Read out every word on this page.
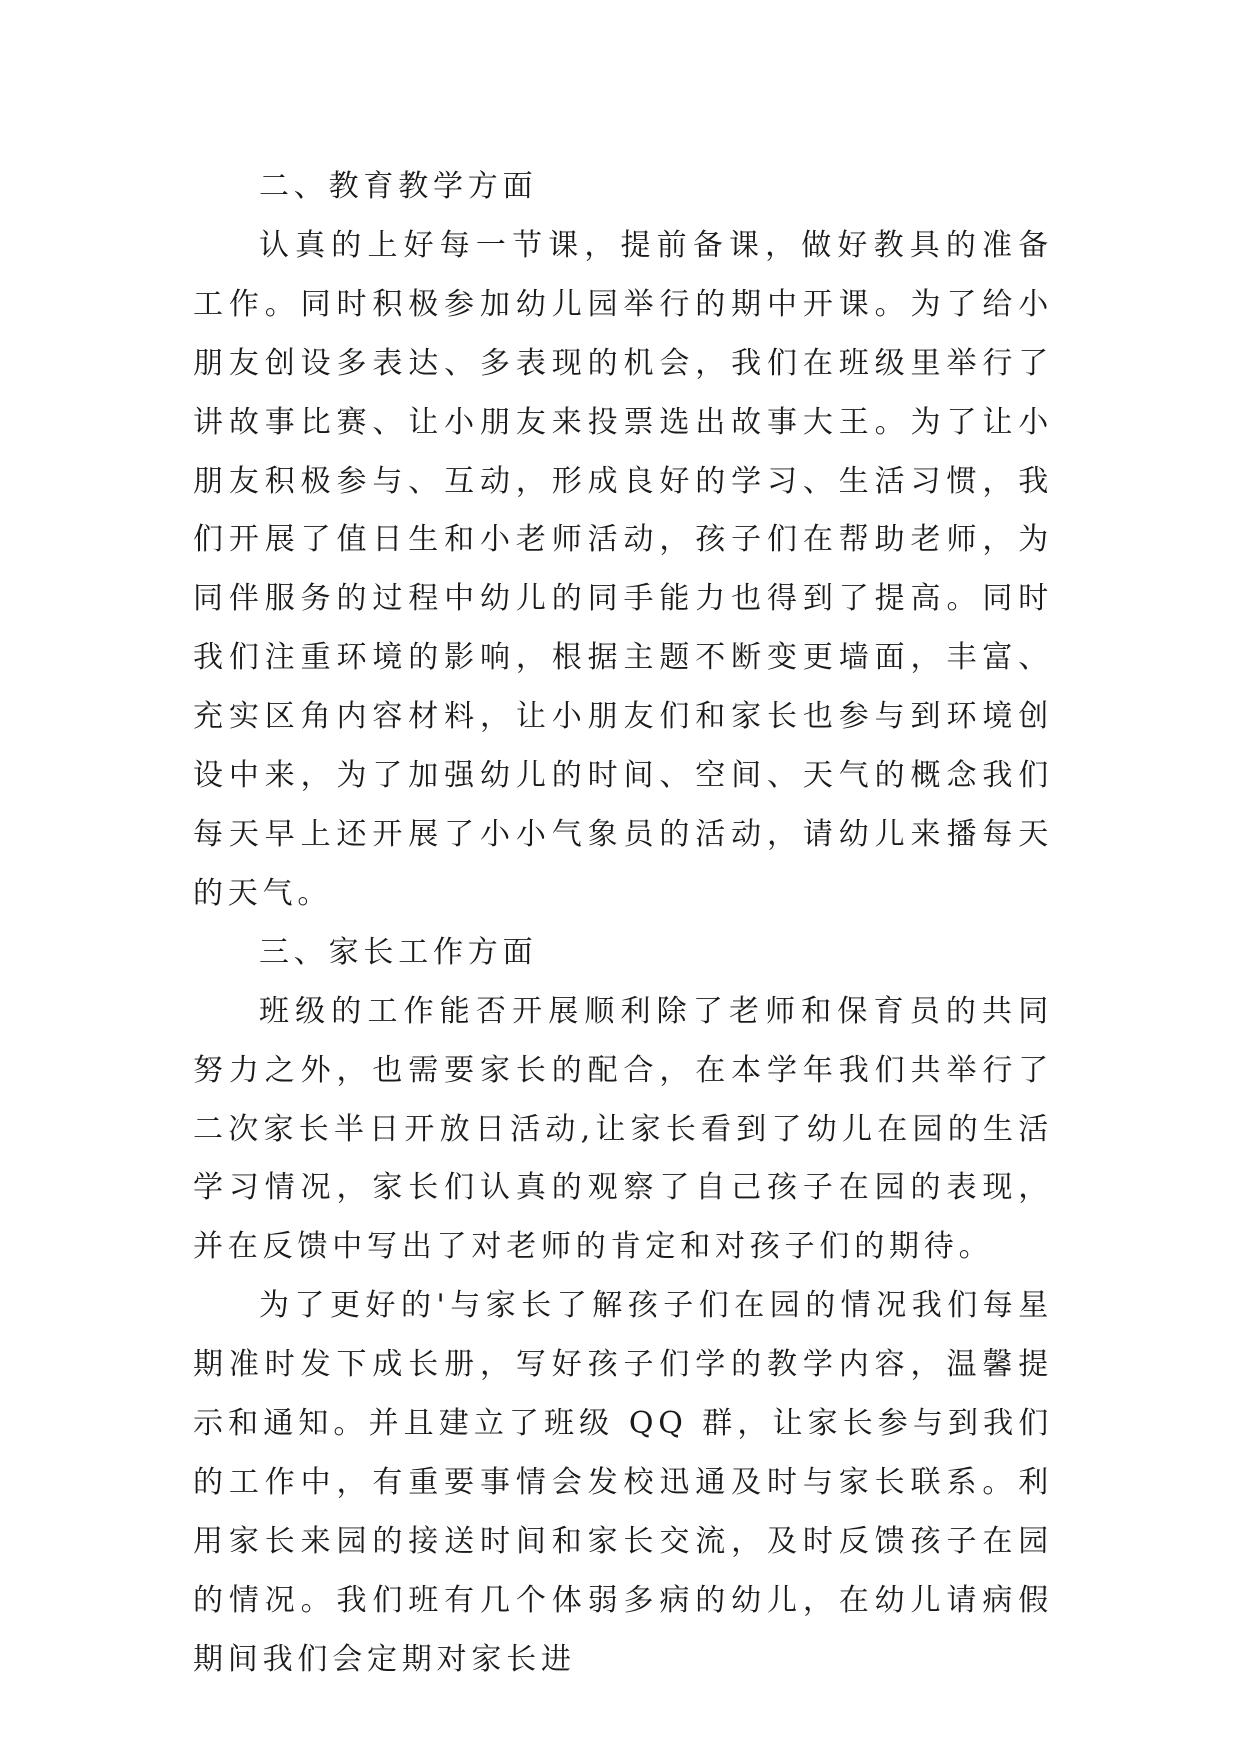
二、教育教学方面

认真的上好每一节课，提前备课，做好教具的准备工作。同时积极参加幼儿园举行的期中开课。为了给小朋友创设多表达、多表现的机会，我们在班级里举行了讲故事比赛、让小朋友来投票选出故事大王。为了让小朋友积极参与、互动，形成良好的学习、生活习惯，我们开展了值日生和小老师活动，孩子们在帮助老师，为同伴服务的过程中幼儿的同手能力也得到了提高。同时我们注重环境的影响，根据主题不断变更墙面，丰富、充实区角内容材料，让小朋友们和家长也参与到环境创设中来，为了加强幼儿的时间、空间、天气的概念我们每天早上还开展了小小气象员的活动，请幼儿来播每天的天气。

三、家长工作方面

班级的工作能否开展顺利除了老师和保育员的共同努力之外，也需要家长的配合，在本学年我们共举行了二次家长半日开放日活动,让家长看到了幼儿在园的生活学习情况，家长们认真的观察了自己孩子在园的表现，并在反馈中写出了对老师的肯定和对孩子们的期待。

为了更好的'与家长了解孩子们在园的情况我们每星期准时发下成长册，写好孩子们学的教学内容，温馨提示和通知。并且建立了班级 QQ 群，让家长参与到我们的工作中，有重要事情会发校迅通及时与家长联系。利用家长来园的接送时间和家长交流，及时反馈孩子在园的情况。我们班有几个体弱多病的幼儿，在幼儿请病假期间我们会定期对家长进
